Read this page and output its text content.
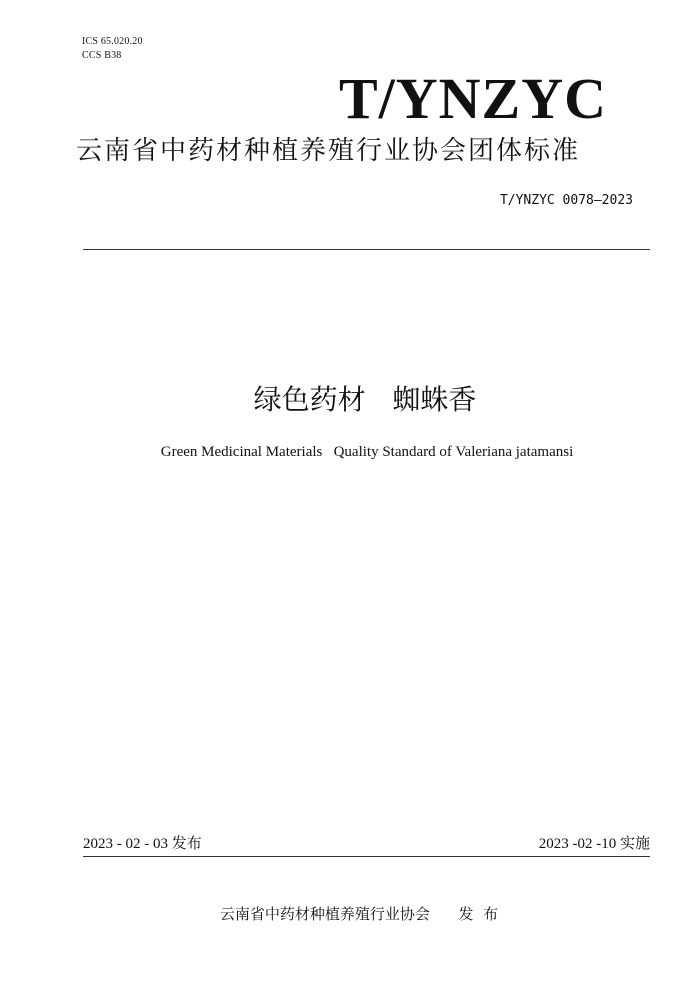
ICS 65.020.20
CCS B38
T/YNZYC
云南省中药材种植养殖行业协会团体标准
T/YNZYC 0078—2023
绿色药材   蜘蛛香
Green Medicinal Materials   Quality Standard of Valeriana jatamansi
2023 - 02 - 03 发布	2023 -02 -10 实施
云南省中药材种植养殖行业协会      发  布
